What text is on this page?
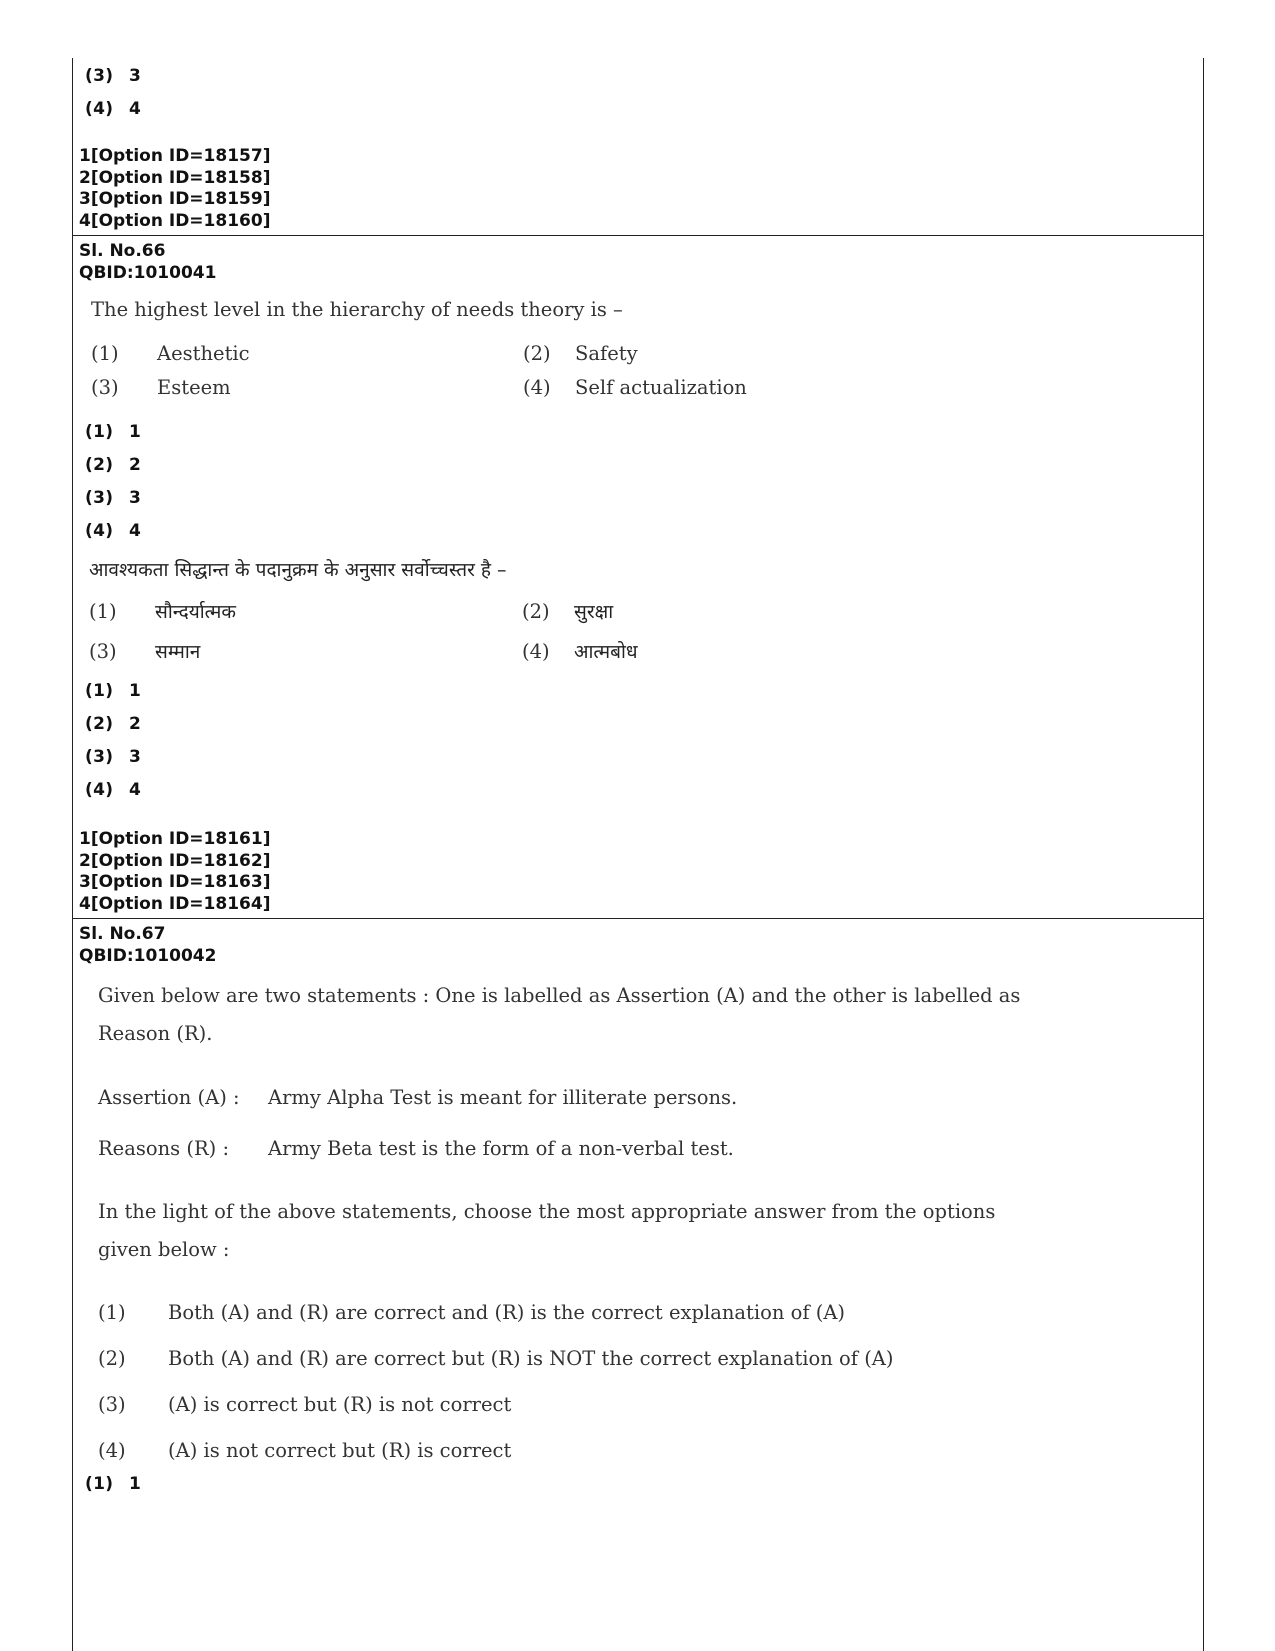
(3) 3
(4) 4
1[Option ID=18157]
2[Option ID=18158]
3[Option ID=18159]
4[Option ID=18160]
Sl. No.66
QBID:1010041
The highest level in the hierarchy of needs theory is –
(1) Aesthetic	(2) Safety
(3) Esteem	(4) Self actualization
(1) 1
(2) 2
(3) 3
(4) 4
आवश्यकता सिद्धान्त के पदानुक्रम के अनुसार सर्वोच्चस्तर है –
(1) सौन्दर्यात्मक	(2) सुरक्षा
(3) सम्मान	(4) आत्मबोध
(1) 1
(2) 2
(3) 3
(4) 4
1[Option ID=18161]
2[Option ID=18162]
3[Option ID=18163]
4[Option ID=18164]
Sl. No.67
QBID:1010042
Given below are two statements : One is labelled as Assertion (A) and the other is labelled as
Reason (R).
Assertion (A) : Army Alpha Test is meant for illiterate persons.
Reasons (R) : Army Beta test is the form of a non-verbal test.
In the light of the above statements, choose the most appropriate answer from the options
given below :
(1) Both (A) and (R) are correct and (R) is the correct explanation of (A)
(2) Both (A) and (R) are correct but (R) is NOT the correct explanation of (A)
(3) (A) is correct but (R) is not correct
(4) (A) is not correct but (R) is correct
(1) 1
